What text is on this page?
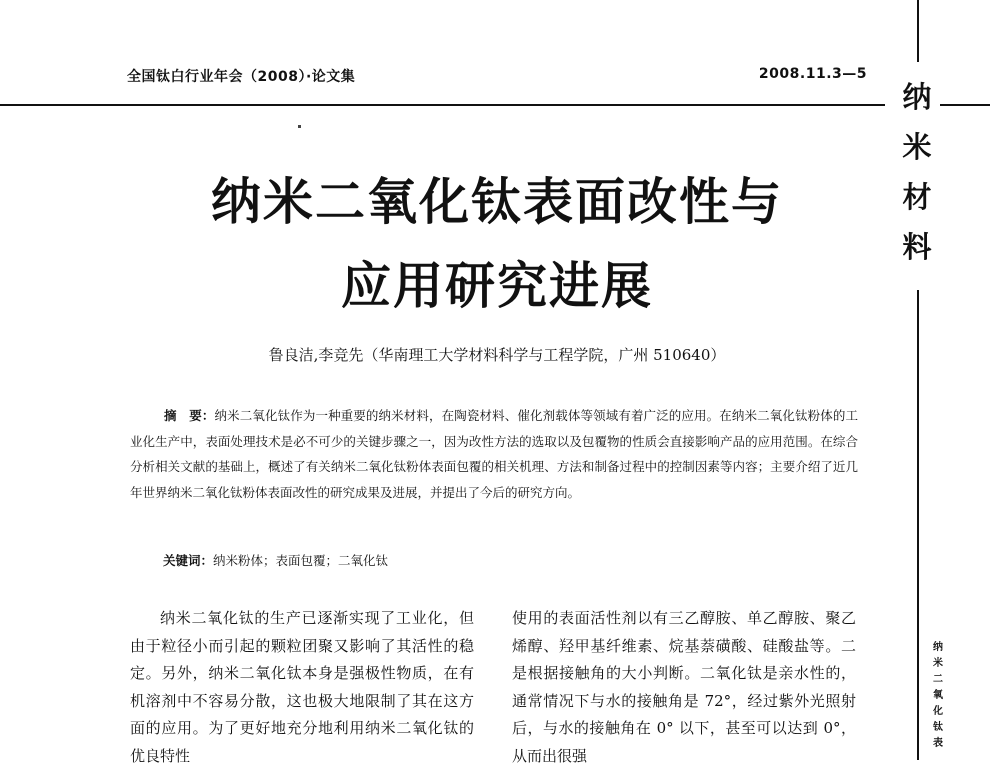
全国钛白行业年会（2008）·论文集	2008.11.3—5
纳
米
材
料
纳
米
二
氧
化
钛
表
纳米二氧化钛表面改性与
应用研究进展
鲁良洁,李竞先（华南理工大学材料科学与工程学院，广州 510640）
摘　要：纳米二氧化钛作为一种重要的纳米材料，在陶瓷材料、催化剂载体等领域有着广泛的应用。在纳米二氧化钛粉体的工业化生产中，表面处理技术是必不可少的关键步骤之一，因为改性方法的选取以及包覆物的性质会直接影响产品的应用范围。在综合分析相关文献的基础上，概述了有关纳米二氧化钛粉体表面包覆的相关机理、方法和制备过程中的控制因素等内容；主要介绍了近几年世界纳米二氧化钛粉体表面改性的研究成果及进展，并提出了今后的研究方向。
关键词：纳米粉体；表面包覆；二氧化钛
纳米二氧化钛的生产已逐渐实现了工业化，但由于粒径小而引起的颗粒团聚又影响了其活性的稳定。另外，纳米二氧化钛本身是强极性物质，在有机溶剂中不容易分散，这也极大地限制了其在这方面的应用。为了更好地充分地利用纳米二氧化钛的优良特性
使用的表面活性剂以有三乙醇胺、单乙醇胺、聚乙烯醇、羟甲基纤维素、烷基萘磺酸、硅酸盐等。二是根据接触角的大小判断。二氧化钛是亲水性的，通常情况下与水的接触角是 72°，经过紫外光照射后，与水的接触角在 0° 以下，甚至可以达到 0°，从而出很强
